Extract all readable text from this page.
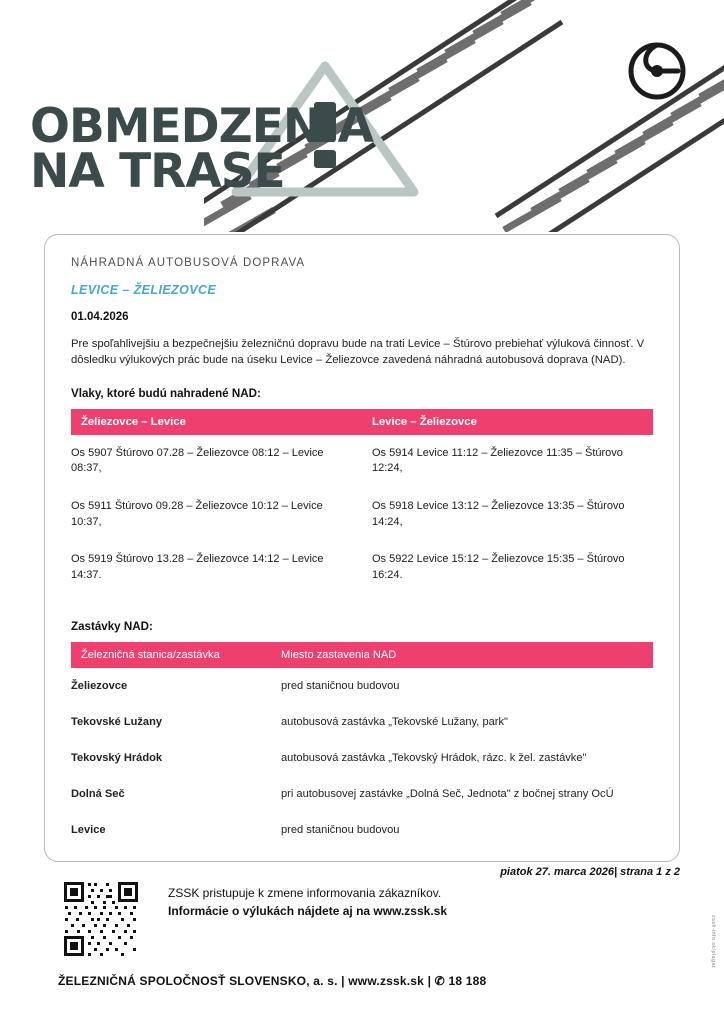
OBMEDZENIA
NA TRASE
NÁHRADNÁ AUTOBUSOVÁ DOPRAVA
LEVICE – ŽELIEZOVCE
01.04.2026
Pre spoľahlivejšiu a bezpečnejšiu železničnú dopravu bude na trati Levice – Štúrovo prebiehať výluková činnosť. V dôsledku výlukových prác bude na úseku Levice – Želiezovce zavedená náhradná autobusová doprava (NAD).
Vlaky, ktoré budú nahradené NAD:
Želiezovce – Levice	Levice – Želiezovce
Os 5907 Štúrovo 07.28 – Želiezovce 08:12 – Levice 08:37,	Os 5914 Levice 11:12 – Želiezovce 11:35 – Štúrovo 12:24,
Os 5911 Štúrovo 09.28 – Želiezovce 10:12 – Levice 10:37,	Os 5918 Levice 13:12 – Želiezovce 13:35 – Štúrovo 14:24,
Os 5919 Štúrovo 13.28 – Želiezovce 14:12 – Levice 14:37.	Os 5922 Levice 15:12 – Želiezovce 15:35 – Štúrovo 16:24.
Zastávky NAD:
Železničná stanica/zastávka	Miesto zastavenia NAD
Želiezovce	pred staničnou budovou
Tekovské Lužany	autobusová zastávka „Tekovské Lužany, park"
Tekovský Hrádok	autobusová zastávka „Tekovský Hrádok, rázc. k žel. zastávke"
Dolná Seč	pri autobusovej zastávke „Dolná Seč, Jednota" z bočnej strany OcÚ
Levice	pred staničnou budovou
piatok 27. marca 2026| strana 1 z 2
ZSSK pristupuje k zmene informovania zákazníkov.
Informácie o výlukách nájdete aj na www.zssk.sk
ŽELEZNIČNÁ SPOLOČNOSŤ SLOVENSKO, a. s. | www.zssk.sk | ✆ 18 188
zssk-info.sk/plagat
